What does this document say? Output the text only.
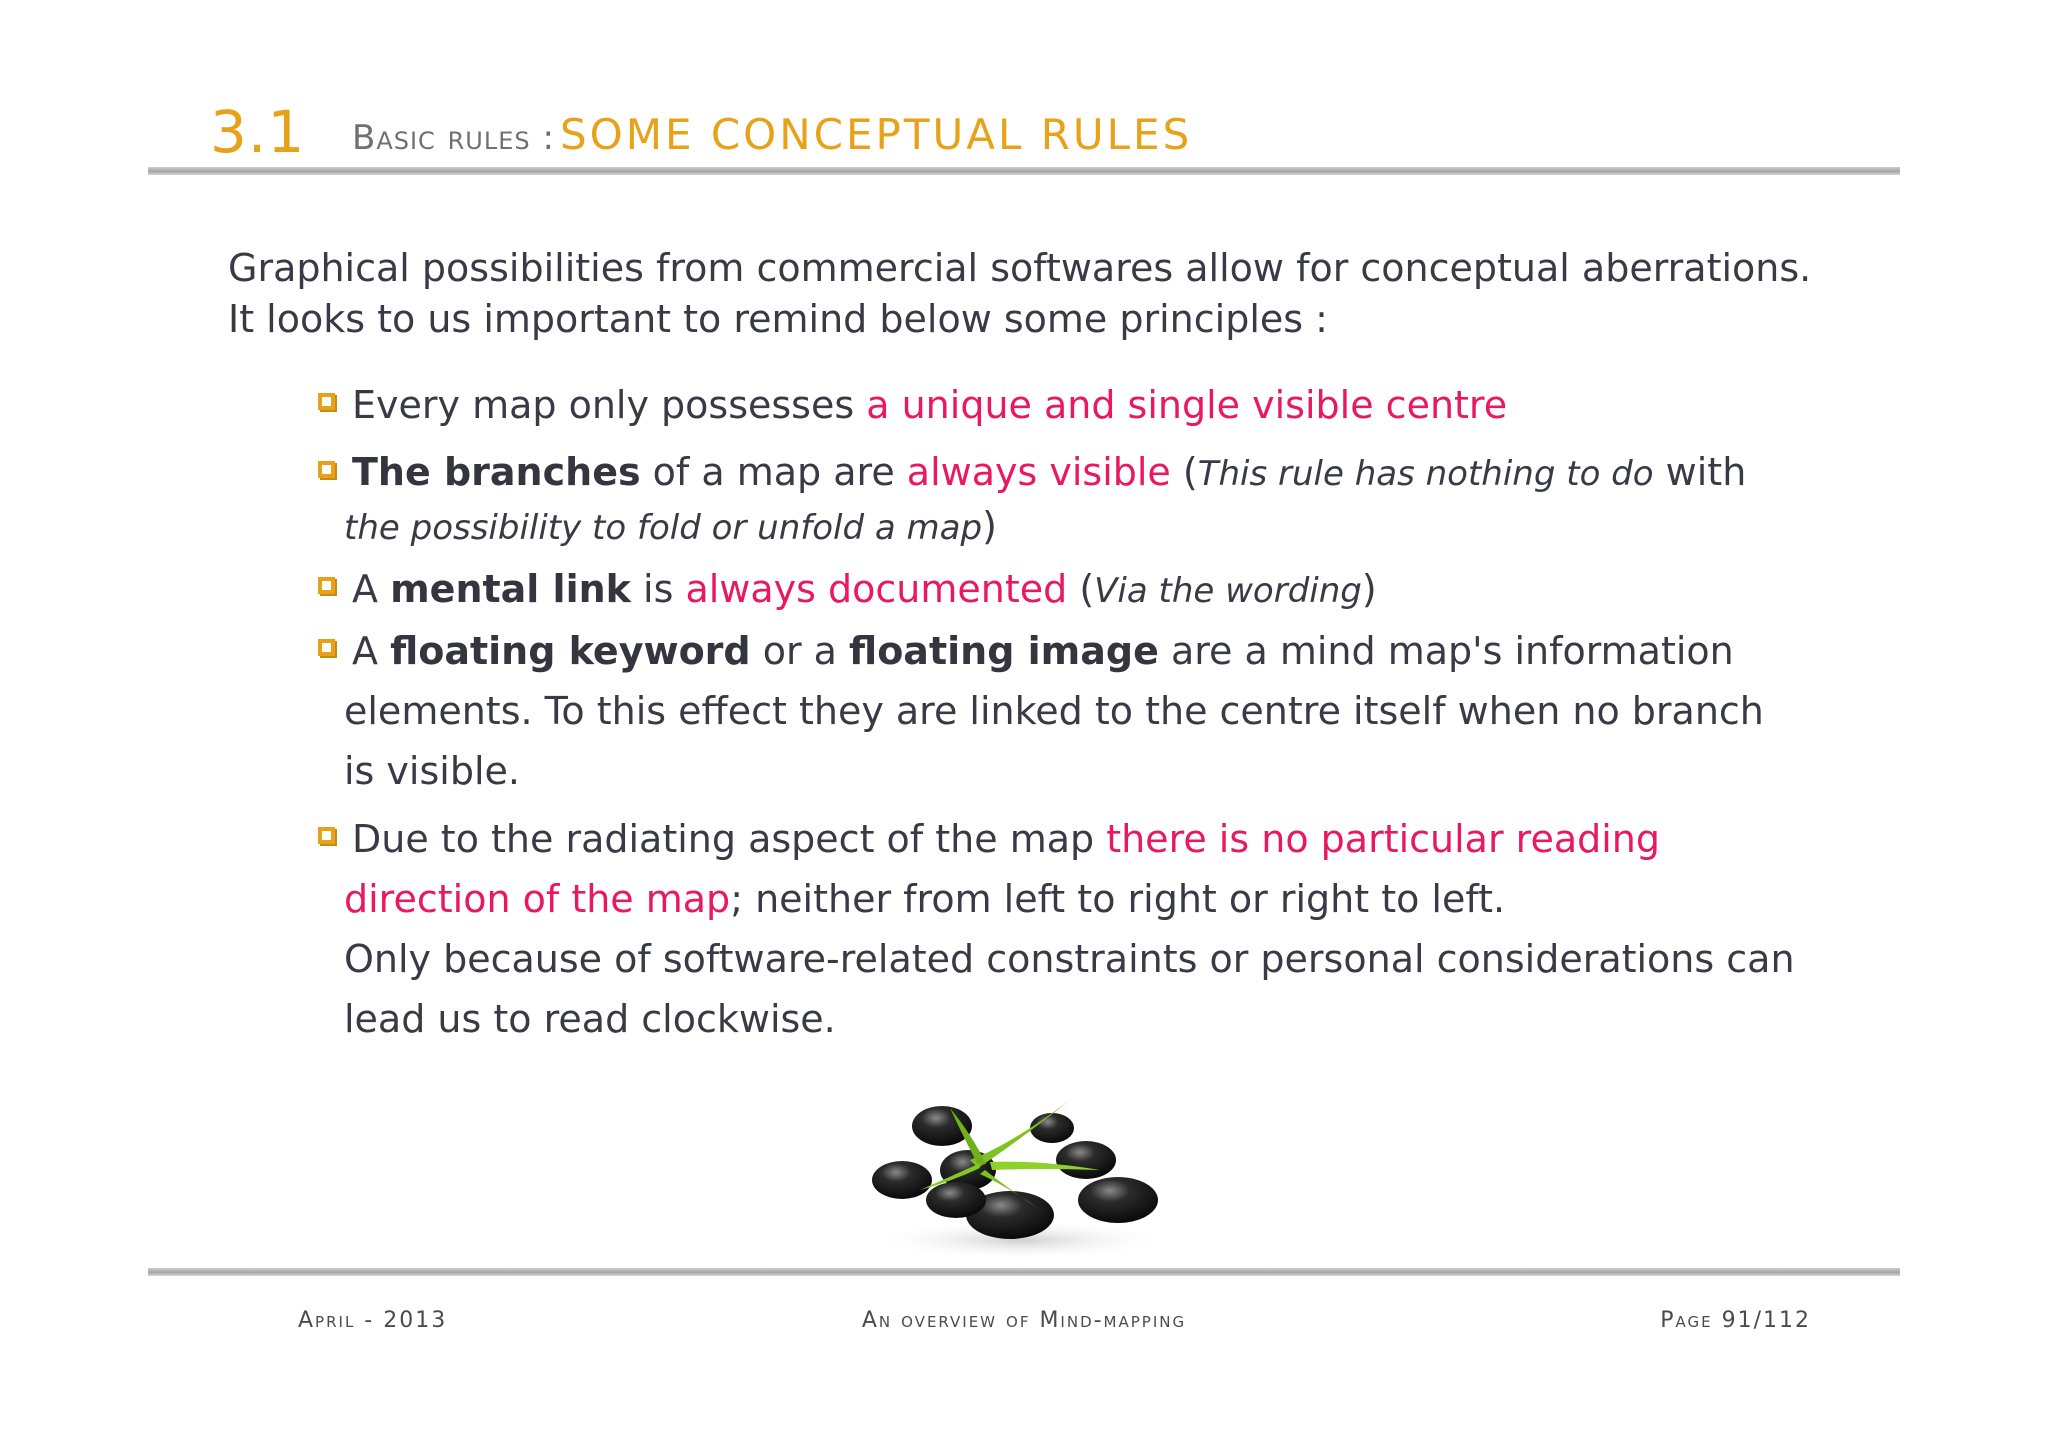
3.1 Basic rules : SOME CONCEPTUAL RULES

Graphical possibilities from commercial softwares allow for conceptual aberrations.

It looks to us important to remind below some principles :

Every map only possesses a unique and single visible centre
The branches of a map are always visible (This rule has nothing to do with
the possibility to fold or unfold a map)
A mental link is always documented (Via the wording)
A floating keyword or a floating image are a mind map's information
elements. To this effect they are linked to the centre itself when no branch
is visible.
Due to the radiating aspect of the map there is no particular reading
direction of the map; neither from left to right or right to left.
Only because of software-related constraints or personal considerations can
lead us to read clockwise.
April - 2013	An overview of Mind-mapping	Page 91/112
